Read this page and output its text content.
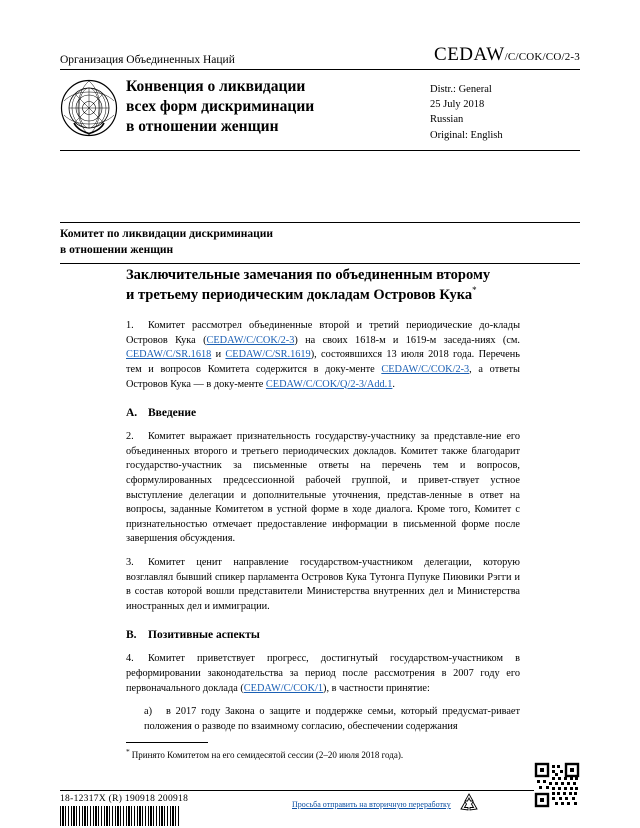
Организация Объединенных Наций	CEDAW /C/COK/CO/2-3
Конвенция о ликвидации
всех форм дискриминации
в отношении женщин
Distr.: General
25 July 2018
Russian
Original: English
Комитет по ликвидации дискриминации
в отношении женщин
Заключительные замечания по объединенным второму
и третьему периодическим докладам Островов Кука*

1. Комитет рассмотрел объединенные второй и третий периодические до-клады Островов Кука (CEDAW/C/COK/2-3) на своих 1618-м и 1619-м заседа-ниях (см. CEDAW/C/SR.1618 и CEDAW/C/SR.1619), состоявшихся 13 июля 2018 года. Перечень тем и вопросов Комитета содержится в доку-менте CEDAW/C/COK/2-3, а ответы Островов Кука — в доку-менте CEDAW/C/COK/Q/2-3/Add.1.

A. Введение

2. Комитет выражает признательность государству-участнику за представле-ние его объединенных второго и третьего периодических докладов. Комитет также благодарит государство-участник за письменные ответы на перечень тем и вопросов, сформулированных предсессионной рабочей группой, и привет-ствует устное выступление делегации и дополнительные уточнения, представ-ленные в ответ на вопросы, заданные Комитетом в устной форме в ходе диалога. Кроме того, Комитет с признательностью отмечает предоставление информации в письменной форме после завершения обсуждения.

3. Комитет ценит направление государством-участником делегации, которую возглавлял бывший спикер парламента Островов Кука Тутонга Пупуке Пиювики Рэгги и в состав которой вошли представители Министерства внутренних дел и Министерства иностранных дел и иммиграции.

B. Позитивные аспекты

4. Комитет приветствует прогресс, достигнутый государством-участником в реформировании законодательства за период после рассмотрения в 2007 году его первоначального доклада (CEDAW/C/COK/1), в частности принятие:

a) в 2017 году Закона о защите и поддержке семьи, который предусмат-ривает положения о разводе по взаимному согласию, обеспечении содержания

* Принято Комитетом на его семидесятой сессии (2–20 июля 2018 года).
18-12317X (R) 190918 200918
Просьба отправить на вторичную переработку
